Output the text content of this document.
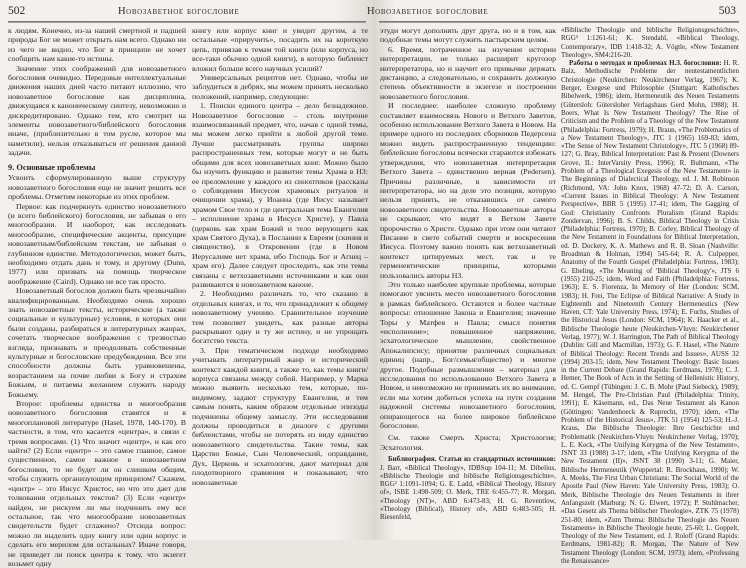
502	Новозаветное богословие

к людям. Конечно, из-за нашей смертной и падшей природы Бог не может открыть нам всего. Однако ни из чего не видно, что Бог в принципе не хочет сообщить нам какие-то истины.

Значение этих соображений для новозаветного богословия очевидно. Передовые интеллектуальные движения наших дней часто питают иллюзию, что новозаветное богословие как дисциплина, движущаяся к каноническому синтезу, невозможно и дискредитировано. Однако тем, кто смотрит на элементы новозаветного/библейского богословия иначе, (приблизительно в том русле, которое мы наметили), нельзя отказываться от решения данной задачи.

9. Основные проблемы

Усвоить сформулированную выше структуру новозаветного богословия еще не значит решить все проблемы. Отметим некоторые из этих проблем.

Первое: как подчеркнуть единство новозаветного (и всего библейского) богословия, не забывая о его многообразии. И наоборот, как исследовать многообразие, специфические акценты, присущие новозаветным/библейским текстам, не забывая о глубинном единстве. Методологически, может быть, необходимо отдать дань и тому, и другому (Dunn, 1977) или призвать на помощь творческое воображение (Caird). Однако не все так просто.

Новозаветный богослов должен быть чрезвычайно квалифицированным. Необходимо очень хорошо знать новозаветные тексты, исторические (а также социальные и культурные) условия, в которых они были созданы, разбираться в литературных жанрах, сочетать творческое воображение с трезвостью взгляда, признавать и преодолевать собственные культурные и богословские предубеждения. Все эти способности должны быть уравновешены, возрастанием на почве любви к Богу и страхом Божьим, и питаемы желанием служить народу Божьему.

Второе: проблемы единства и многообразия новозаветного богословия ставятся и в многоплановой литературе (Hasel, 1978, 140-170). В частности, в том, что касается «центра», в связи с тремя вопросами. (1) Что значит «центр», и как его найти? (2) Если «центр» – это самое главное, самое существенное, самое важное в новозаветном богословии, то не будет ли он слишком общим, чтобы служить организующим принципом? Скажем, «центр» – это Иисус Христос, но что это дает для толкования отдельных текстов? (3) Если «центр» найден, не рискуем ли мы подчинить ему все остальное, так что многообразие новозаветных свидетельств будет сглажено? Отсюда вопрос: можно ли выделить одну книгу или один корпус и сделать его мерилом для остальных? Иначе говоря, не приведет ли поиск центра к тому, что экзегет возьмет одну

книгу или корпус книг и увидит другим, а те остальные «приручить», посадить их на короткую цепь, привязав к темам той книги (или корпуса, но все-таки обычно одной книги), в которую библеист вложил больше всего научных усилий?

Универсальных рецептов нет. Однако, чтобы не заблудиться в дебрях, мы можем принять несколько положений, например, следующие:

1. Поиски единого центра – дело безнадежное. Новозаветное богословие – столь внутренне взаимосвязанный предмет, что, начав с одной темы, мы можем легко прийти к любой другой теме. Лучше рассматривать группы широко распространенных тем, которые могут и не быть общими для всех новозаветных книг. Можно было бы изучить функцию и развитие темы Храма в НЗ: ее преломление у каждого из синоптиков (рассказы о соблюдении Иисусом храмовых ритуалов и очищении храма), у Иоанна (где Иисус называет храмом Свое тело и где центральная тема Евангелия – исполнение храма в Иисусе Христе), у Павла (церковь как храм Божий и тело верующего как храм Святого Духа), в Послании к Евреям (скиния и священство), в Откровении (где в Новом Иерусалиме нет храма, ибо Господь Бог и Агнец – храм его). Далее следует проследить, как эти темы связаны с ветхозаветными источниками и как они развиваются в новозаветном каноне.

2. Необходимо различать то, что сказано в отдельных книгах, и то, что принадлежит к общему новозаветному учению. Сравнительное изучение тем позволяет увидеть, как разные авторы раскрывают одну и ту же истину, и не упрощать богатство текста.

3. При тематическом подходе необходимо учитывать литературный жанр и исторический контекст каждой книги, а также то, как темы книги/корпуса связаны между собой. Например, у Марка можно выявить несколько тем, которые, по-видимому, задают структуру Евангелия, и тем самым понять, каким образом отдельные эпизоды подчинены общему замыслу. Эти исследования должны проводиться в диалоге с другими библеистами, чтобы не потерять из виду единство новозаветного свидетельства. Такие темы, как Царство Божье, Сын Человеческий, оправдание, Дух, Церковь и эсхатология, дают материал для плодотворного сравнения и показывают, что новозаветные

Новозаветное богословие	503

этуди могут дополнять друг друга, но и в том, как подобные темы могут служить пастырским целям.

6. Время, потраченное на изучение истории интерпретации, не только расширит кругозор интерпретатора, но и научит его привычке держать дистанцию, а следовательно, и сохранить должную степень объективности в экзегезе и построении новозаветного богословия.

И последнее: наиболее сложную проблему составляет взаимосвязь Нового и Ветхого Заветов, особенно использование Ветхого Завета в Новом. На примере одного из последних сборников Педерсена можно видеть распространенную тенденцию: библейские богословы всячески стараются избежать утверждения, что новозаветная интерпретация Ветхого Завета – единственно верная (Pedersen). Причины различные, в зависимости от интерпретатора, но на деле это позиция, которую нельзя принять, не отказавшись от самого новозаветного свидетельства. Новозаветные авторы не скрывают, что видят в Ветхом Завете пророчество о Христе. Однако при этом они читают Писание в свете событий смерти и воскресения Иисуса. Поэтому важно понять как ветхозаветный контекст цитируемых мест, так и те герменевтические принципы, которыми пользовались авторы НЗ.

Это только наиболее крупные проблемы, которые помогают уяснить место новозаветного богословия в рамках библейского. Остаются и более частные вопросы: отношение Закона и Евангелия; значение Торы у Матфея и Павла; смысл понятия «исполнение»; повышенное напряжение, эсхатологическое мышление, свойственное Апокалипсису; принятие различных социальных единиц (напр., Бог/семья/общество) и многое другое. Подобные размышления – материал для исследования по использованию Ветхого Завета в Новом, и невозможно не принимать их во внимание, если мы хотим добиться успеха на пути создания надежной системы новозаветного богословия, опирающегося на более широкое библейское богословие.

См. также Смерть Христа; Христология; Эсхатология.

Библиография. Статьи из стандартных источников: J. Barr, «Biblical Theology», IDBSup 104-11; M. Dibelius, «Biblische Theologie und biblische Religionsgeschichte», RGG² 1:1091-1094; G. E. Ladd, «Biblical Theology, History of», ISBE 1:498-509; O. Merk, TRE 6:455-77; R. Morgan, «Theology (NT)», ABD 6:473-83; H. G. Reventlow, «Theology (Biblical), History of», ABD 6:483-505; H. Riesenfeld,

«Biblische Theologie und biblische Religionsgeschichte», RGG³ 1:1261-61; K. Stendahl, «Biblical Theology, Contemporary», IDB 1:418-32; A. Vögtle, «New Testament Theology», SM4:216-20.

Работы о методах и проблемах Н.З. богословия: H. R. Balz, Methodische Probleme der neutestamentlichen Christologie (Neukirchen: Neukirchener Verlag, 1967); K. Berger, Exegese und Philosophie (Stuttgart: Katholisches Bibelwerk, 1986); idem, Hermeneutik des Neuen Testaments (Gütersloh: Gütersloher Verlagshaus Gerd Mohn, 1988); H. Boers, What Is New Testament Theology? The Rise of Criticism and the Problem of a Theology of the New Testament (Philadelphia: Fortress, 1979); H. Braun, «The Problematics of a New Testament Theology», JTC 1 (1965) 169-83; idem, «The Sense of New Testament Christology», JTC 5 (1968) 89-127; G. Bray, Biblical Interpretation: Past & Present (Downers Grove, IL: InterVarsity Press, 1996); R. Bultmann, «The Problem of a Theological Exegesis of the New Testament» in The Beginnings of Dialectical Theology, ed. J. M. Robinson (Richmond, VA: John Knox, 1968) 47-72; D. A. Carson, «Current Issues in Biblical Theology: A New Testament Perspective», BBR 5 (1995) 17-41; idem, The Gagging of God: Christianity Confronts Pluralism (Grand Rapids: Zondervan, 1996); B. S. Childs, Biblical Theology in Crisis (Philadelphia: Fortress, 1970); B. Corley, Biblical Theology of the New Testament in Foundations for Biblical Interpretation, ed. D. Dockery, K. A. Mathews and R. B. Sloan (Nashville: Broadman & Holman, 1994) 545-64; R. A. Culpepper, Anatomy of the Fourth Gospel (Philadelphia: Fortress, 1983); G. Ebeling, «The Meaning of 'Biblical Theology'», JTS 6 (1955) 210-25; idem, Word and Faith (Philadelphia: Fortress, 1963); E. S. Fiorenza, In Memory of Her (London: SCM, 1983); H. Frei, The Eclipse of Biblical Narrative: A Study in Eighteenth and Nineteenth Century Hermeneutics (New Haven, CT: Yale University Press, 1974); E. Fuchs, Studies of the Historical Jesus (London: SCM, 1964); K. Haacker et al., Biblische Theologie heute (Neukirchen-Vluyn: Neukirchener Verlag, 1977); W. J. Harrington, The Path of Biblical Theology (Dublin: Gill and Macmillan, 1973); G. F. Hasel, «The Nature of Biblical Theology: Recent Trends and Issues», AUSS 32 (1994) 203-15; idem, New Testament Theology: Basic Issues in the Current Debate (Grand Rapids: Eerdmans, 1978); C. J. Hemer, The Book of Acts in the Setting of Hellenistic History, ed. C. Gempf (Tübingen: J. C. B. Mohr (Paul Siebeck), 1989); M. Hengel, The Pre-Christian Paul (Philadelphia: Trinity, 1991); E. Käsemann, ed., Das Neue Testament als Kanon (Göttingen: Vandenhoeck & Ruprecht, 1970); idem, «The Problem of the Historical Jesus», JTK 51 (1954) 125-53; H.-J. Kraus, Die Biblische Theologie: Ihre Geschichte und Problematik (Neukirchen-Vluyn: Neukirchener Verlag, 1970); L. E. Keck, «The Unifying Kerygma of the New Testament», JSNT 33 (1988) 3-17; idem, «The Unifying Kerygma of the New Testament (II)», JSNT 38 (1990) 3-11; G. Maier, Biblische Hermeneutik (Wuppertal: R. Brockhaus, 1990); W. A. Meeks, The First Urban Christians: The Social World of the Apostle Paul (New Haven: Yale University Press, 1983); O. Merk, Biblische Theologie des Neuen Testaments in ihrer Anfangszeit (Marburg: N. G. Elwert, 1972); P. Stuhlmacher, «Das Gesetz als Thema biblischer Theologie», ZTK 75 (1978) 251-80; idem, «Zum Thema: Biblische Theologie des Neuen Testaments» in Biblische Theologie heute, 25-60; L. Goppelt, Theology of the New Testament, ed. J. Roloff (Grand Rapids: Eerdmans, 1981-82); R. Morgan, The Nature of New Testament Theology (London: SCM, 1973); idem, «Professing the Renaissance»
